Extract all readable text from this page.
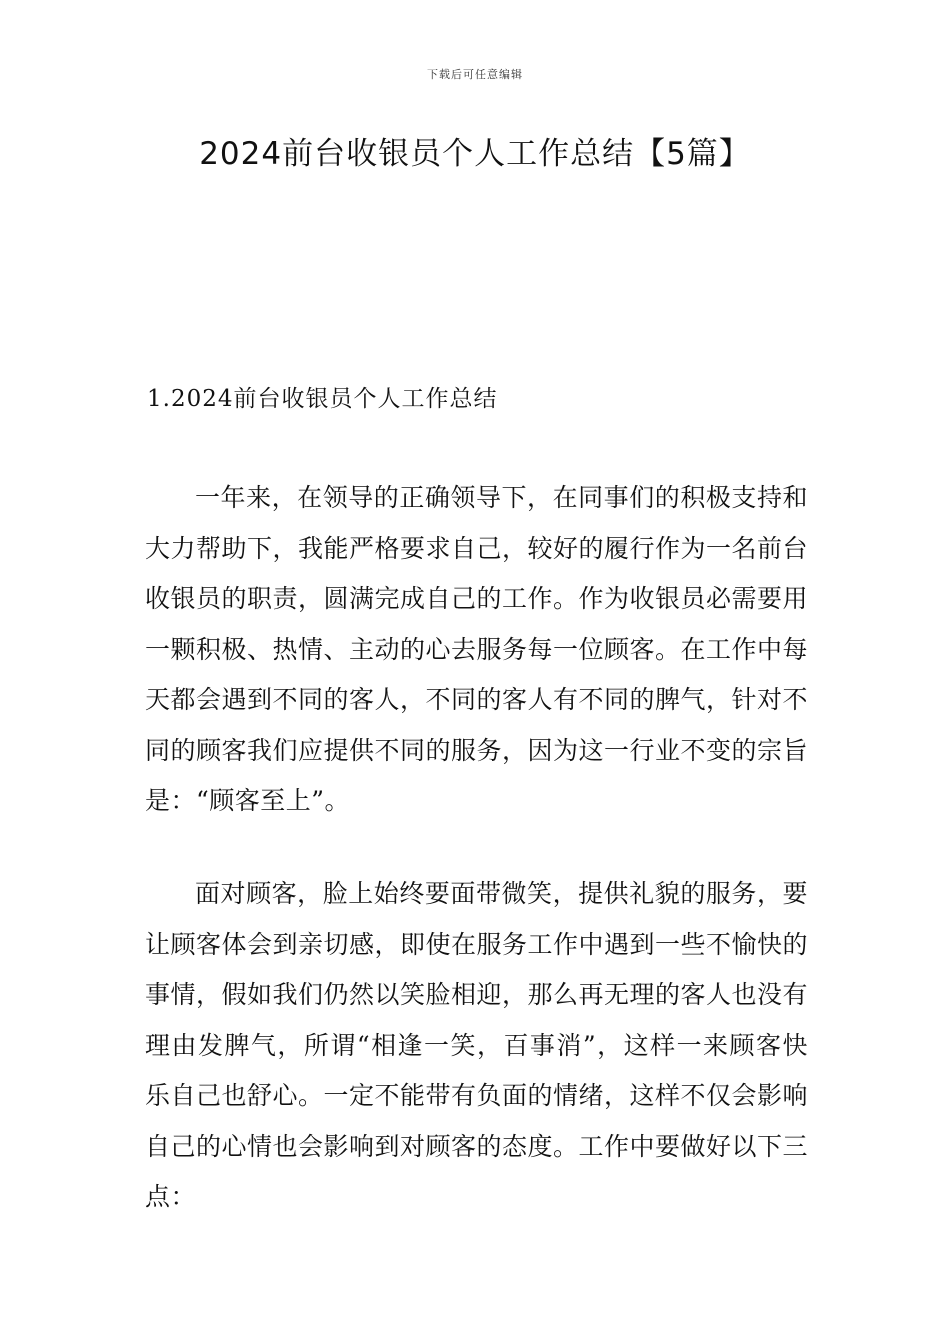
下载后可任意编辑
2024前台收银员个人工作总结【5篇】
1.2024前台收银员个人工作总结

一年来，在领导的正确领导下，在同事们的积极支持和大力帮助下，我能严格要求自己，较好的履行作为一名前台收银员的职责，圆满完成自己的工作。作为收银员必需要用一颗积极、热情、主动的心去服务每一位顾客。在工作中每天都会遇到不同的客人，不同的客人有不同的脾气，针对不同的顾客我们应提供不同的服务，因为这一行业不变的宗旨是：“顾客至上”。

面对顾客，脸上始终要面带微笑，提供礼貌的服务，要让顾客体会到亲切感，即使在服务工作中遇到一些不愉快的事情，假如我们仍然以笑脸相迎，那么再无理的客人也没有理由发脾气，所谓“相逢一笑，百事消”，这样一来顾客快乐自己也舒心。一定不能带有负面的情绪，这样不仅会影响自己的心情也会影响到对顾客的态度。工作中要做好以下三点：
